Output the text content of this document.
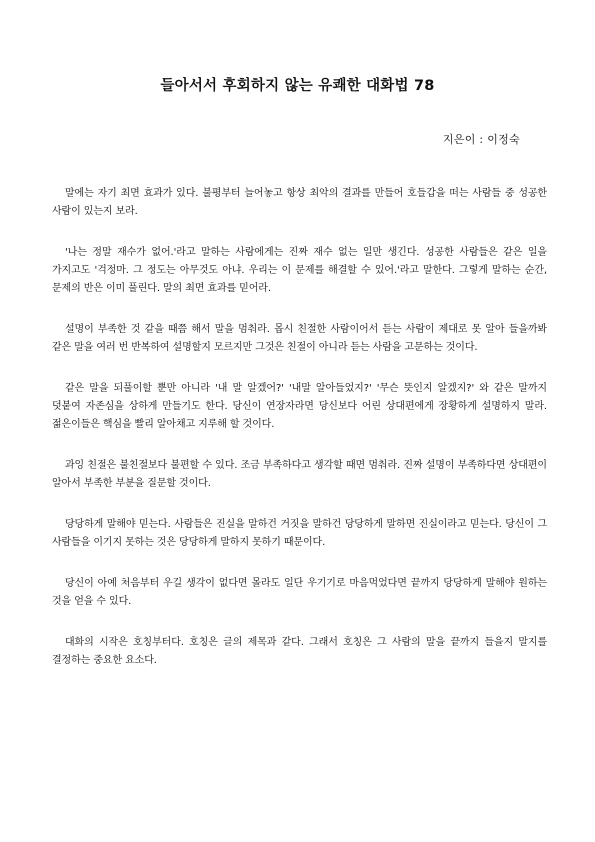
들아서서 후회하지 않는 유쾌한 대화법 78
지은이 : 이정숙

말에는 자기 최면 효과가 있다. 불평부터 늘어놓고 항상 최악의 결과를 만들어 호들갑을 떠는 사람들 중 성공한 사람이 있는지 보라.

'나는 정말 재수가 없어.'라고 말하는 사람에게는 진짜 재수 없는 일만 생긴다. 성공한 사람들은 같은 일을 가지고도 '걱정마. 그 정도는 아무것도 아냐. 우리는 이 문제를 해결할 수 있어.'라고 말한다. 그렇게 말하는 순간, 문제의 반은 이미 풀린다. 말의 최면 효과를 믿어라.

설명이 부족한 것 같을 때쯤 해서 말을 멈춰라. 몹시 친절한 사람이어서 듣는 사람이 제대로 못 알아 들을까봐 같은 말을 여러 번 반복하여 설명할지 모르지만 그것은 친절이 아니라 듣는 사람을 고문하는 것이다.

같은 말을 되풀이할 뿐만 아니라 '내 말 알겠어?' '내말 알아들었지?' '무슨 뜻인지 알겠지?' 와 같은 말까지 덧붙여 자존심을 상하게 만들기도 한다. 당신이 연장자라면 당신보다 어린 상대편에게 장황하게 설명하지 말라. 젊은이들은 핵심을 빨리 알아채고 지루해 할 것이다.

과잉 친절은 불친절보다 불편할 수 있다. 조금 부족하다고 생각할 때면 멈춰라. 진짜 설명이 부족하다면 상대편이 알아서 부족한 부분을 질문할 것이다.

당당하게 말해야 믿는다. 사람들은 진실을 말하건 거짓을 말하건 당당하게 말하면 진실이라고 믿는다. 당신이 그 사람들을 이기지 못하는 것은 당당하게 말하지 못하기 때문이다.

당신이 아예 처음부터 우길 생각이 없다면 몰라도 일단 우기기로 마음먹었다면 끝까지 당당하게 말해야 원하는 것을 얻을 수 있다.

대화의 시작은 호칭부터다. 호칭은 글의 제목과 같다. 그래서 호칭은 그 사람의 말을 끝까지 들을지 말지를 결정하는 중요한 요소다.
